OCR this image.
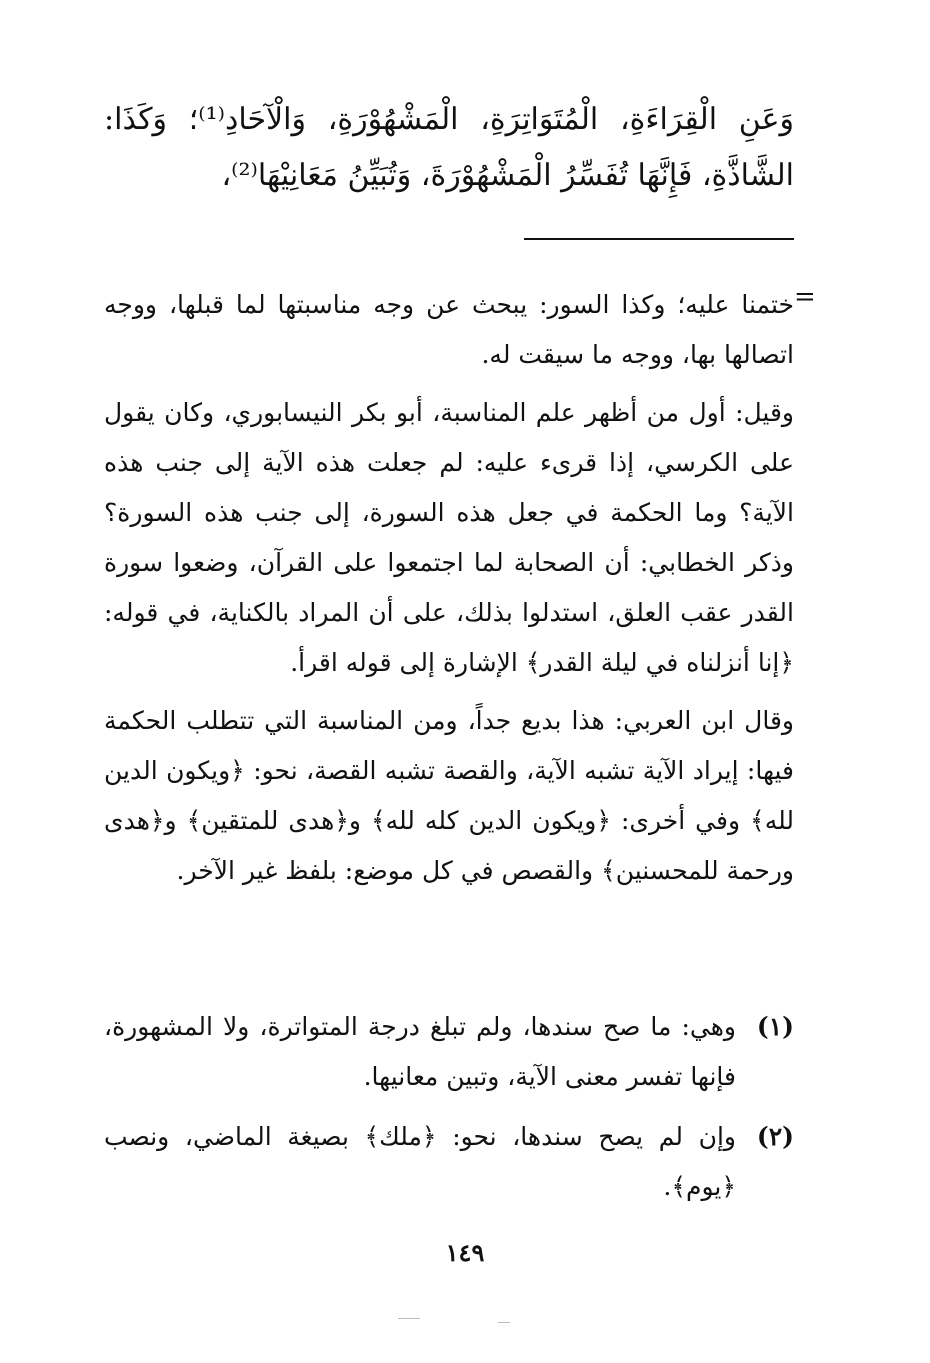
وَعَنِ الْقِرَاءَةِ، الْمُتَوَاتِرَةِ، الْمَشْهُوْرَةِ، وَالْآحَادِ⁽¹⁾؛ وَكَذَا: الشَّاذَّةِ، فَإِنَّهَا تُفَسِّرُ الْمَشْهُوْرَةَ، وَتُبَيِّنُ مَعَانِيْهَا⁽²⁾،
=

ختمنا عليه؛ وكذا السور: يبحث عن وجه مناسبتها لما قبلها، ووجه اتصالها بها، ووجه ما سيقت له.

وقيل: أول من أظهر علم المناسبة، أبو بكر النيسابوري، وكان يقول على الكرسي، إذا قرىء عليه: لم جعلت هذه الآية إلى جنب هذه الآية؟ وما الحكمة في جعل هذه السورة، إلى جنب هذه السورة؟ وذكر الخطابي: أن الصحابة لما اجتمعوا على القرآن، وضعوا سورة القدر عقب العلق، استدلوا بذلك، على أن المراد بالكناية، في قوله: ﴿إنا أنزلناه في ليلة القدر﴾ الإشارة إلى قوله اقرأ.

وقال ابن العربي: هذا بديع جداً، ومن المناسبة التي تتطلب الحكمة فيها: إيراد الآية تشبه الآية، والقصة تشبه القصة، نحو: ﴿ويكون الدين لله﴾ وفي أخرى: ﴿ويكون الدين كله لله﴾ و﴿هدى للمتقين﴾ و﴿هدى ورحمة للمحسنين﴾ والقصص في كل موضع: بلفظ غير الآخر.

(١)
وهي: ما صح سندها، ولم تبلغ درجة المتواترة، ولا المشهورة، فإنها تفسر معنى الآية، وتبين معانيها.
(٢)
وإن لم يصح سندها، نحو: ﴿ملك﴾ بصيغة الماضي، ونصب ﴿يوم﴾.
١٤٩
